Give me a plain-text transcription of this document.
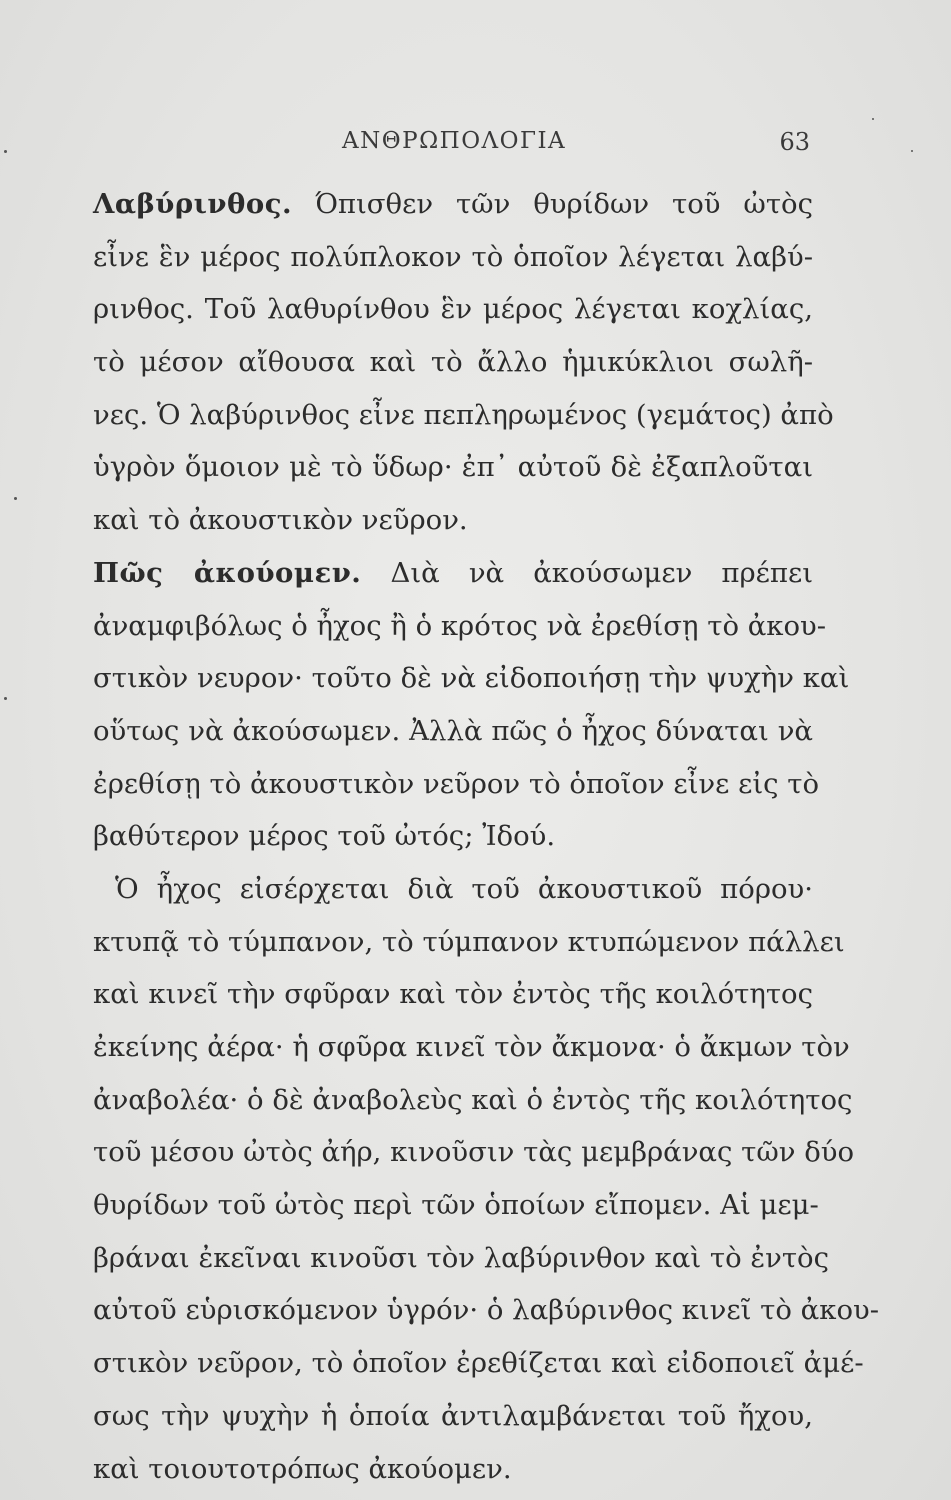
ΑΝΘΡΩΠΟΛΟΓΙΑ	63
Λαβύρινθος. Όπισθεν τῶν θυρίδων τοῦ ὠτὸς
εἶνε ἓν μέρος πολύπλοκον τὸ ὁποῖον λέγεται λαβύ-
ρινθος. Τοῦ λαθυρίνθου ἓν μέρος λέγεται κοχλίας,
τὸ μέσον αἴθουσα καὶ τὸ ἄλλο ἡμικύκλιοι σωλῆ-
νες. Ὁ λαβύρινθος εἶνε πεπληρωμένος (γεμάτος) ἀπὸ
ὑγρὸν ὅμοιον μὲ τὸ ὕδωρ· ἐπ᾽ αὐτοῦ δὲ ἐξαπλοῦται
καὶ τὸ ἀκουστικὸν νεῦρον.
Πῶς ἀκούομεν. Διὰ νὰ ἀκούσωμεν πρέπει
ἀναμφιβόλως ὁ ἦχος ἢ ὁ κρότος νὰ ἐρεθίσῃ τὸ ἀκου-
στικὸν νευρον· τοῦτο δὲ νὰ εἰδοποιήσῃ τὴν ψυχὴν καὶ
οὕτως νὰ ἀκούσωμεν. Ἀλλὰ πῶς ὁ ἦχος δύναται νὰ
ἐρεθίσῃ τὸ ἀκουστικὸν νεῦρον τὸ ὁποῖον εἶνε εἰς τὸ
βαθύτερον μέρος τοῦ ὠτός; Ἰδού.
Ὁ ἦχος εἰσέρχεται διὰ τοῦ ἀκουστικοῦ πόρου·
κτυπᾷ τὸ τύμπανον, τὸ τύμπανον κτυπώμενον πάλλει
καὶ κινεῖ τὴν σφῦραν καὶ τὸν ἐντὸς τῆς κοιλότητος
ἐκείνης ἀέρα· ἡ σφῦρα κινεῖ τὸν ἄκμονα· ὁ ἄκμων τὸν
ἀναβολέα· ὁ δὲ ἀναβολεὺς καὶ ὁ ἐντὸς τῆς κοιλότητος
τοῦ μέσου ὠτὸς ἀήρ, κινοῦσιν τὰς μεμβράνας τῶν δύο
θυρίδων τοῦ ὠτὸς περὶ τῶν ὁποίων εἴπομεν. Αἱ μεμ-
βράναι ἐκεῖναι κινοῦσι τὸν λαβύρινθον καὶ τὸ ἐντὸς
αὐτοῦ εὑρισκόμενον ὑγρόν· ὁ λαβύρινθος κινεῖ τὸ ἀκου-
στικὸν νεῦρον, τὸ ὁποῖον ἐρεθίζεται καὶ εἰδοποιεῖ ἀμέ-
σως τὴν ψυχὴν ἡ ὁποία ἀντιλαμβάνεται τοῦ ἤχου,
καὶ τοιουτοτρόπως ἀκούομεν.
